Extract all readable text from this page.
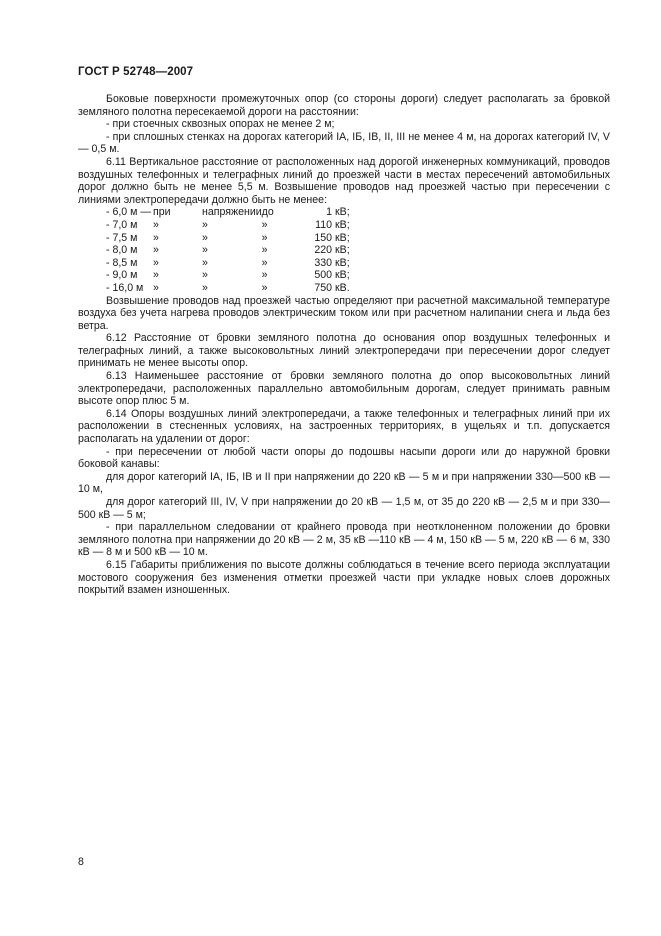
ГОСТ Р 52748—2007
Боковые поверхности промежуточных опор (со стороны дороги) следует располагать за бровкой земляного полотна пересекаемой дороги на расстоянии:
- при стоечных сквозных опорах не менее 2 м;
- при сплошных стенках на дорогах категорий IA, IБ, IB, II, III не менее 4 м, на дорогах категорий IV, V — 0,5 м.
6.11 Вертикальное расстояние от расположенных над дорогой инженерных коммуникаций, проводов воздушных телефонных и телеграфных линий до проезжей части в местах пересечений автомобильных дорог должно быть не менее 5,5 м. Возвышение проводов над проезжей частью при пересечении с линиями электропередачи должно быть не менее:
- 6,0 м —	при	напряжении	до	1 кВ;
- 7,0 м	»	»	»	110 кВ;
- 7,5 м	»	»	»	150 кВ;
- 8,0 м	»	»	»	220 кВ;
- 8,5 м	»	»	»	330 кВ;
- 9,0 м	»	»	»	500 кВ;
- 16,0 м	»	»	»	750 кВ.
Возвышение проводов над проезжей частью определяют при расчетной максимальной температуре воздуха без учета нагрева проводов электрическим током или при расчетном налипании снега и льда без ветра.
6.12 Расстояние от бровки земляного полотна до основания опор воздушных телефонных и телеграфных линий, а также высоковольтных линий электропередачи при пересечении дорог следует принимать не менее высоты опор.
6.13 Наименьшее расстояние от бровки земляного полотна до опор высоковольтных линий электропередачи, расположенных параллельно автомобильным дорогам, следует принимать равным высоте опор плюс 5 м.
6.14 Опоры воздушных линий электропередачи, а также телефонных и телеграфных линий при их расположении в стесненных условиях, на застроенных территориях, в ущельях и т.п. допускается располагать на удалении от дорог:
- при пересечении от любой части опоры до подошвы насыпи дороги или до наружной бровки боковой канавы:
для дорог категорий IA, IБ, IB и II при напряжении до 220 кВ — 5 м и при напряжении 330—500 кВ — 10 м,
для дорог категорий III, IV, V при напряжении до 20 кВ — 1,5 м, от 35 до 220 кВ — 2,5 м и при 330—500 кВ — 5 м;
- при параллельном следовании от крайнего провода при неотклоненном положении до бровки земляного полотна при напряжении до 20 кВ — 2 м, 35 кВ —110 кВ — 4 м, 150 кВ — 5 м, 220 кВ — 6 м, 330 кВ — 8 м и 500 кВ — 10 м.
6.15 Габариты приближения по высоте должны соблюдаться в течение всего периода эксплуатации мостового сооружения без изменения отметки проезжей части при укладке новых слоев дорожных покрытий взамен изношенных.
8
